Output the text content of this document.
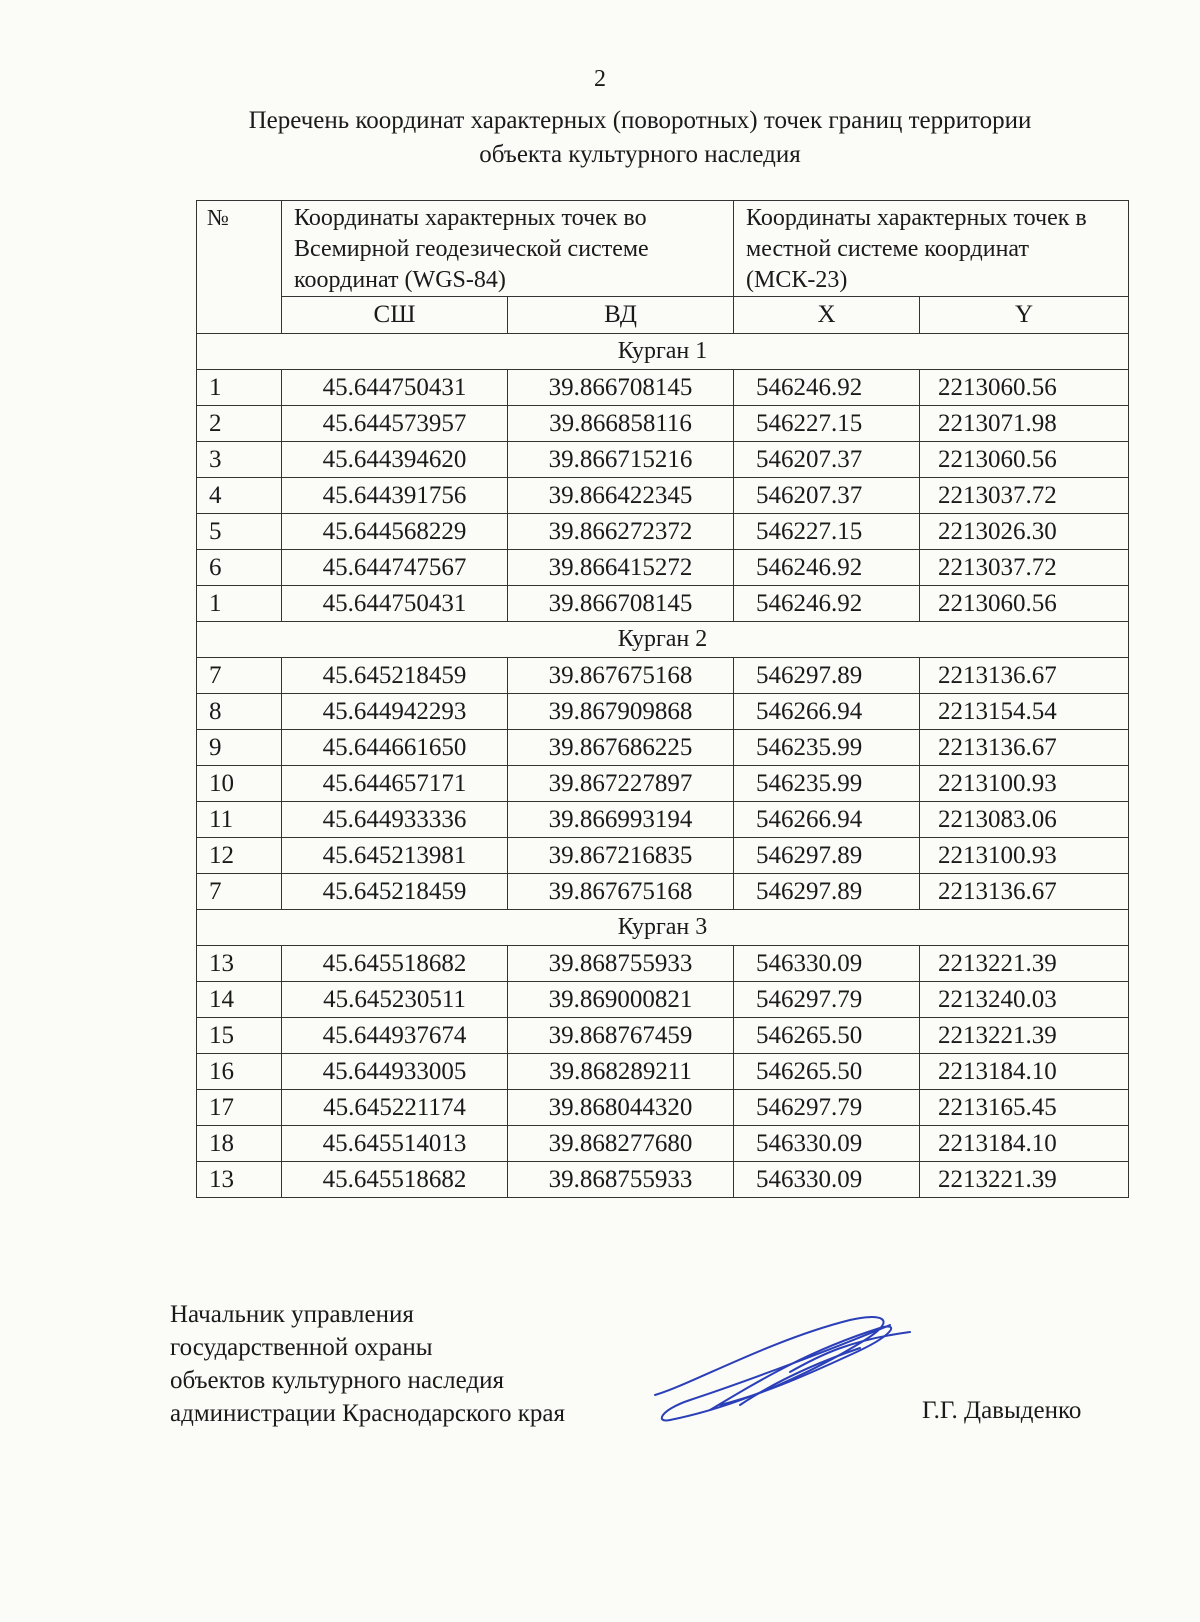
2
Перечень координат характерных (поворотных) точек границ территории
объекта культурного наследия
№	Координаты характерных точек во Всемирной геодезической системе координат (WGS-84)		Координаты характерных точек в местной системе координат (МСК-23)	
	СШ	ВД	X	Y
Курган 1				
1	45.644750431	39.866708145	546246.92	2213060.56
2	45.644573957	39.866858116	546227.15	2213071.98
3	45.644394620	39.866715216	546207.37	2213060.56
4	45.644391756	39.866422345	546207.37	2213037.72
5	45.644568229	39.866272372	546227.15	2213026.30
6	45.644747567	39.866415272	546246.92	2213037.72
1	45.644750431	39.866708145	546246.92	2213060.56
Курган 2				
7	45.645218459	39.867675168	546297.89	2213136.67
8	45.644942293	39.867909868	546266.94	2213154.54
9	45.644661650	39.867686225	546235.99	2213136.67
10	45.644657171	39.867227897	546235.99	2213100.93
11	45.644933336	39.866993194	546266.94	2213083.06
12	45.645213981	39.867216835	546297.89	2213100.93
7	45.645218459	39.867675168	546297.89	2213136.67
Курган 3				
13	45.645518682	39.868755933	546330.09	2213221.39
14	45.645230511	39.869000821	546297.79	2213240.03
15	45.644937674	39.868767459	546265.50	2213221.39
16	45.644933005	39.868289211	546265.50	2213184.10
17	45.645221174	39.868044320	546297.79	2213165.45
18	45.645514013	39.868277680	546330.09	2213184.10
13	45.645518682	39.868755933	546330.09	2213221.39
Начальник управления
государственной охраны
объектов культурного наследия
администрации Краснодарского края	Г.Г. Давыденко
